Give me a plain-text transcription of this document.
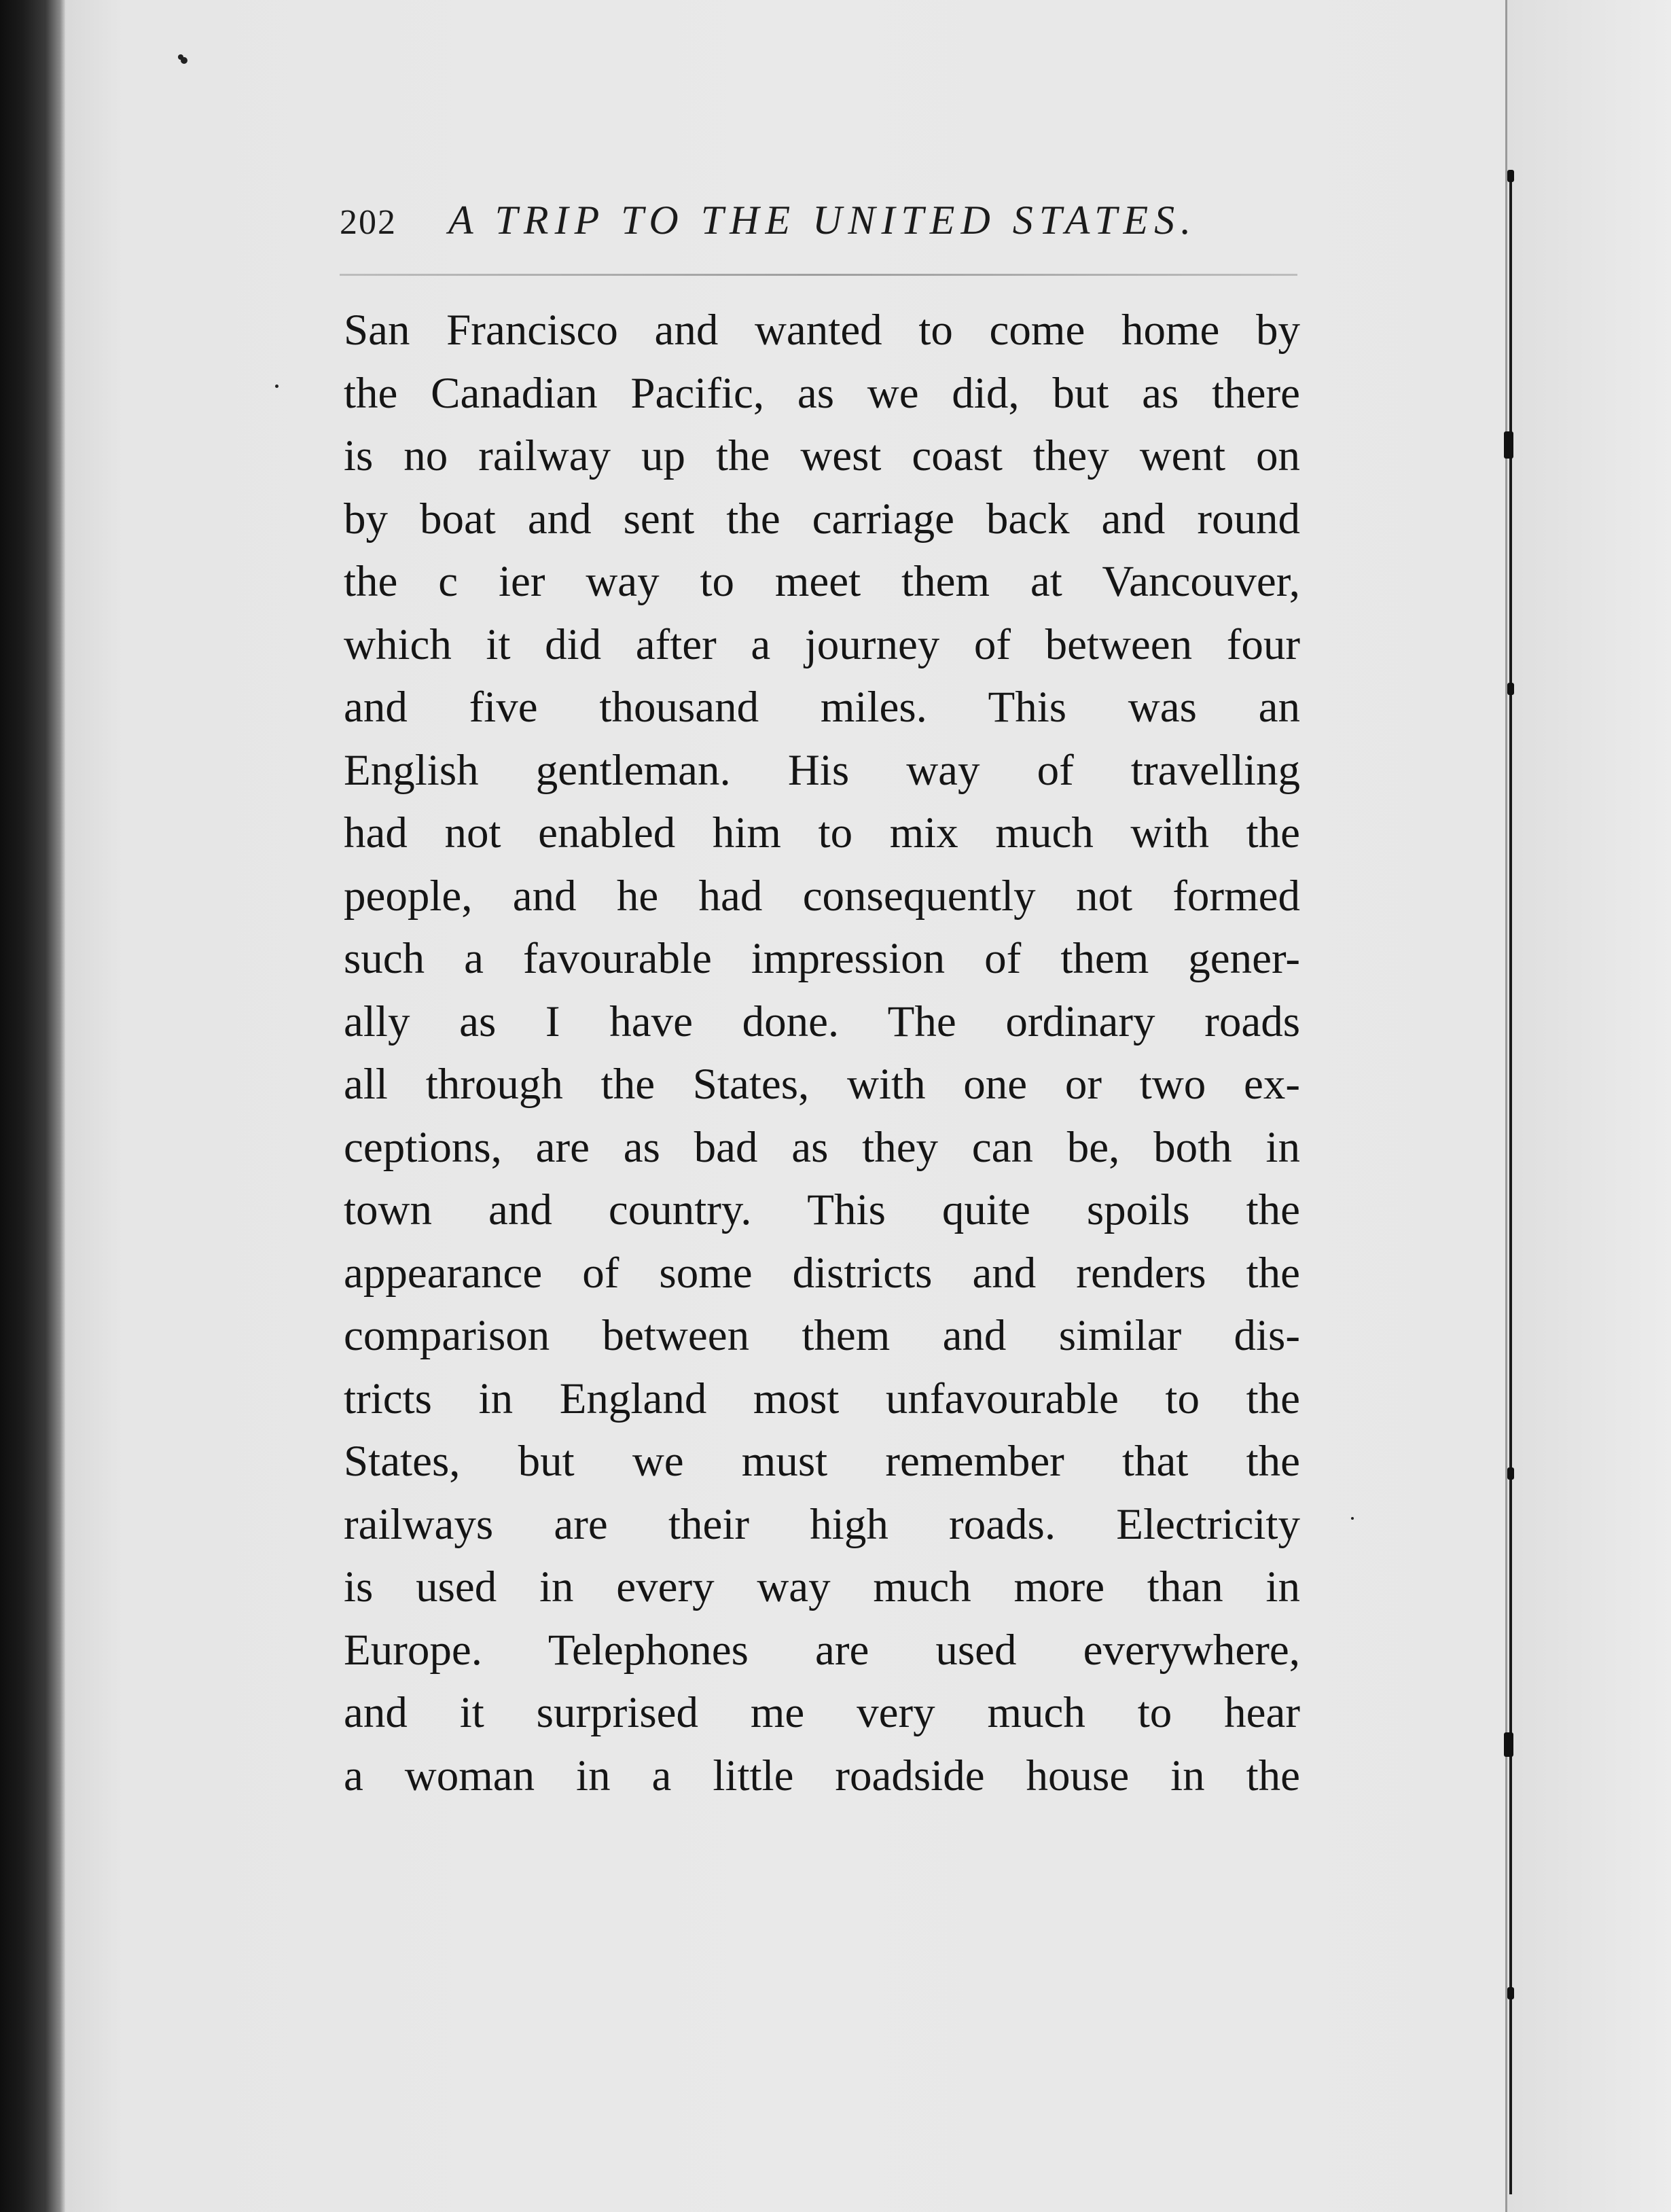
202 A TRIP TO THE UNITED STATES.
San Francisco and wanted to come home by
the Canadian Pacific, as we did, but as there
is no railway up the west coast they went on
by boat and sent the carriage back and round
the c ier way to meet them at Vancouver,
which it did after a journey of between four
and five thousand miles. This was an
English gentleman. His way of travelling
had not enabled him to mix much with the
people, and he had consequently not formed
such a favourable impression of them gener-
ally as I have done. The ordinary roads
all through the States, with one or two ex-
ceptions, are as bad as they can be, both in
town and country. This quite spoils the
appearance of some districts and renders the
comparison between them and similar dis-
tricts in England most unfavourable to the
States, but we must remember that the
railways are their high roads. Electricity
is used in every way much more than in
Europe. Telephones are used everywhere,
and it surprised me very much to hear
a woman in a little roadside house in the
